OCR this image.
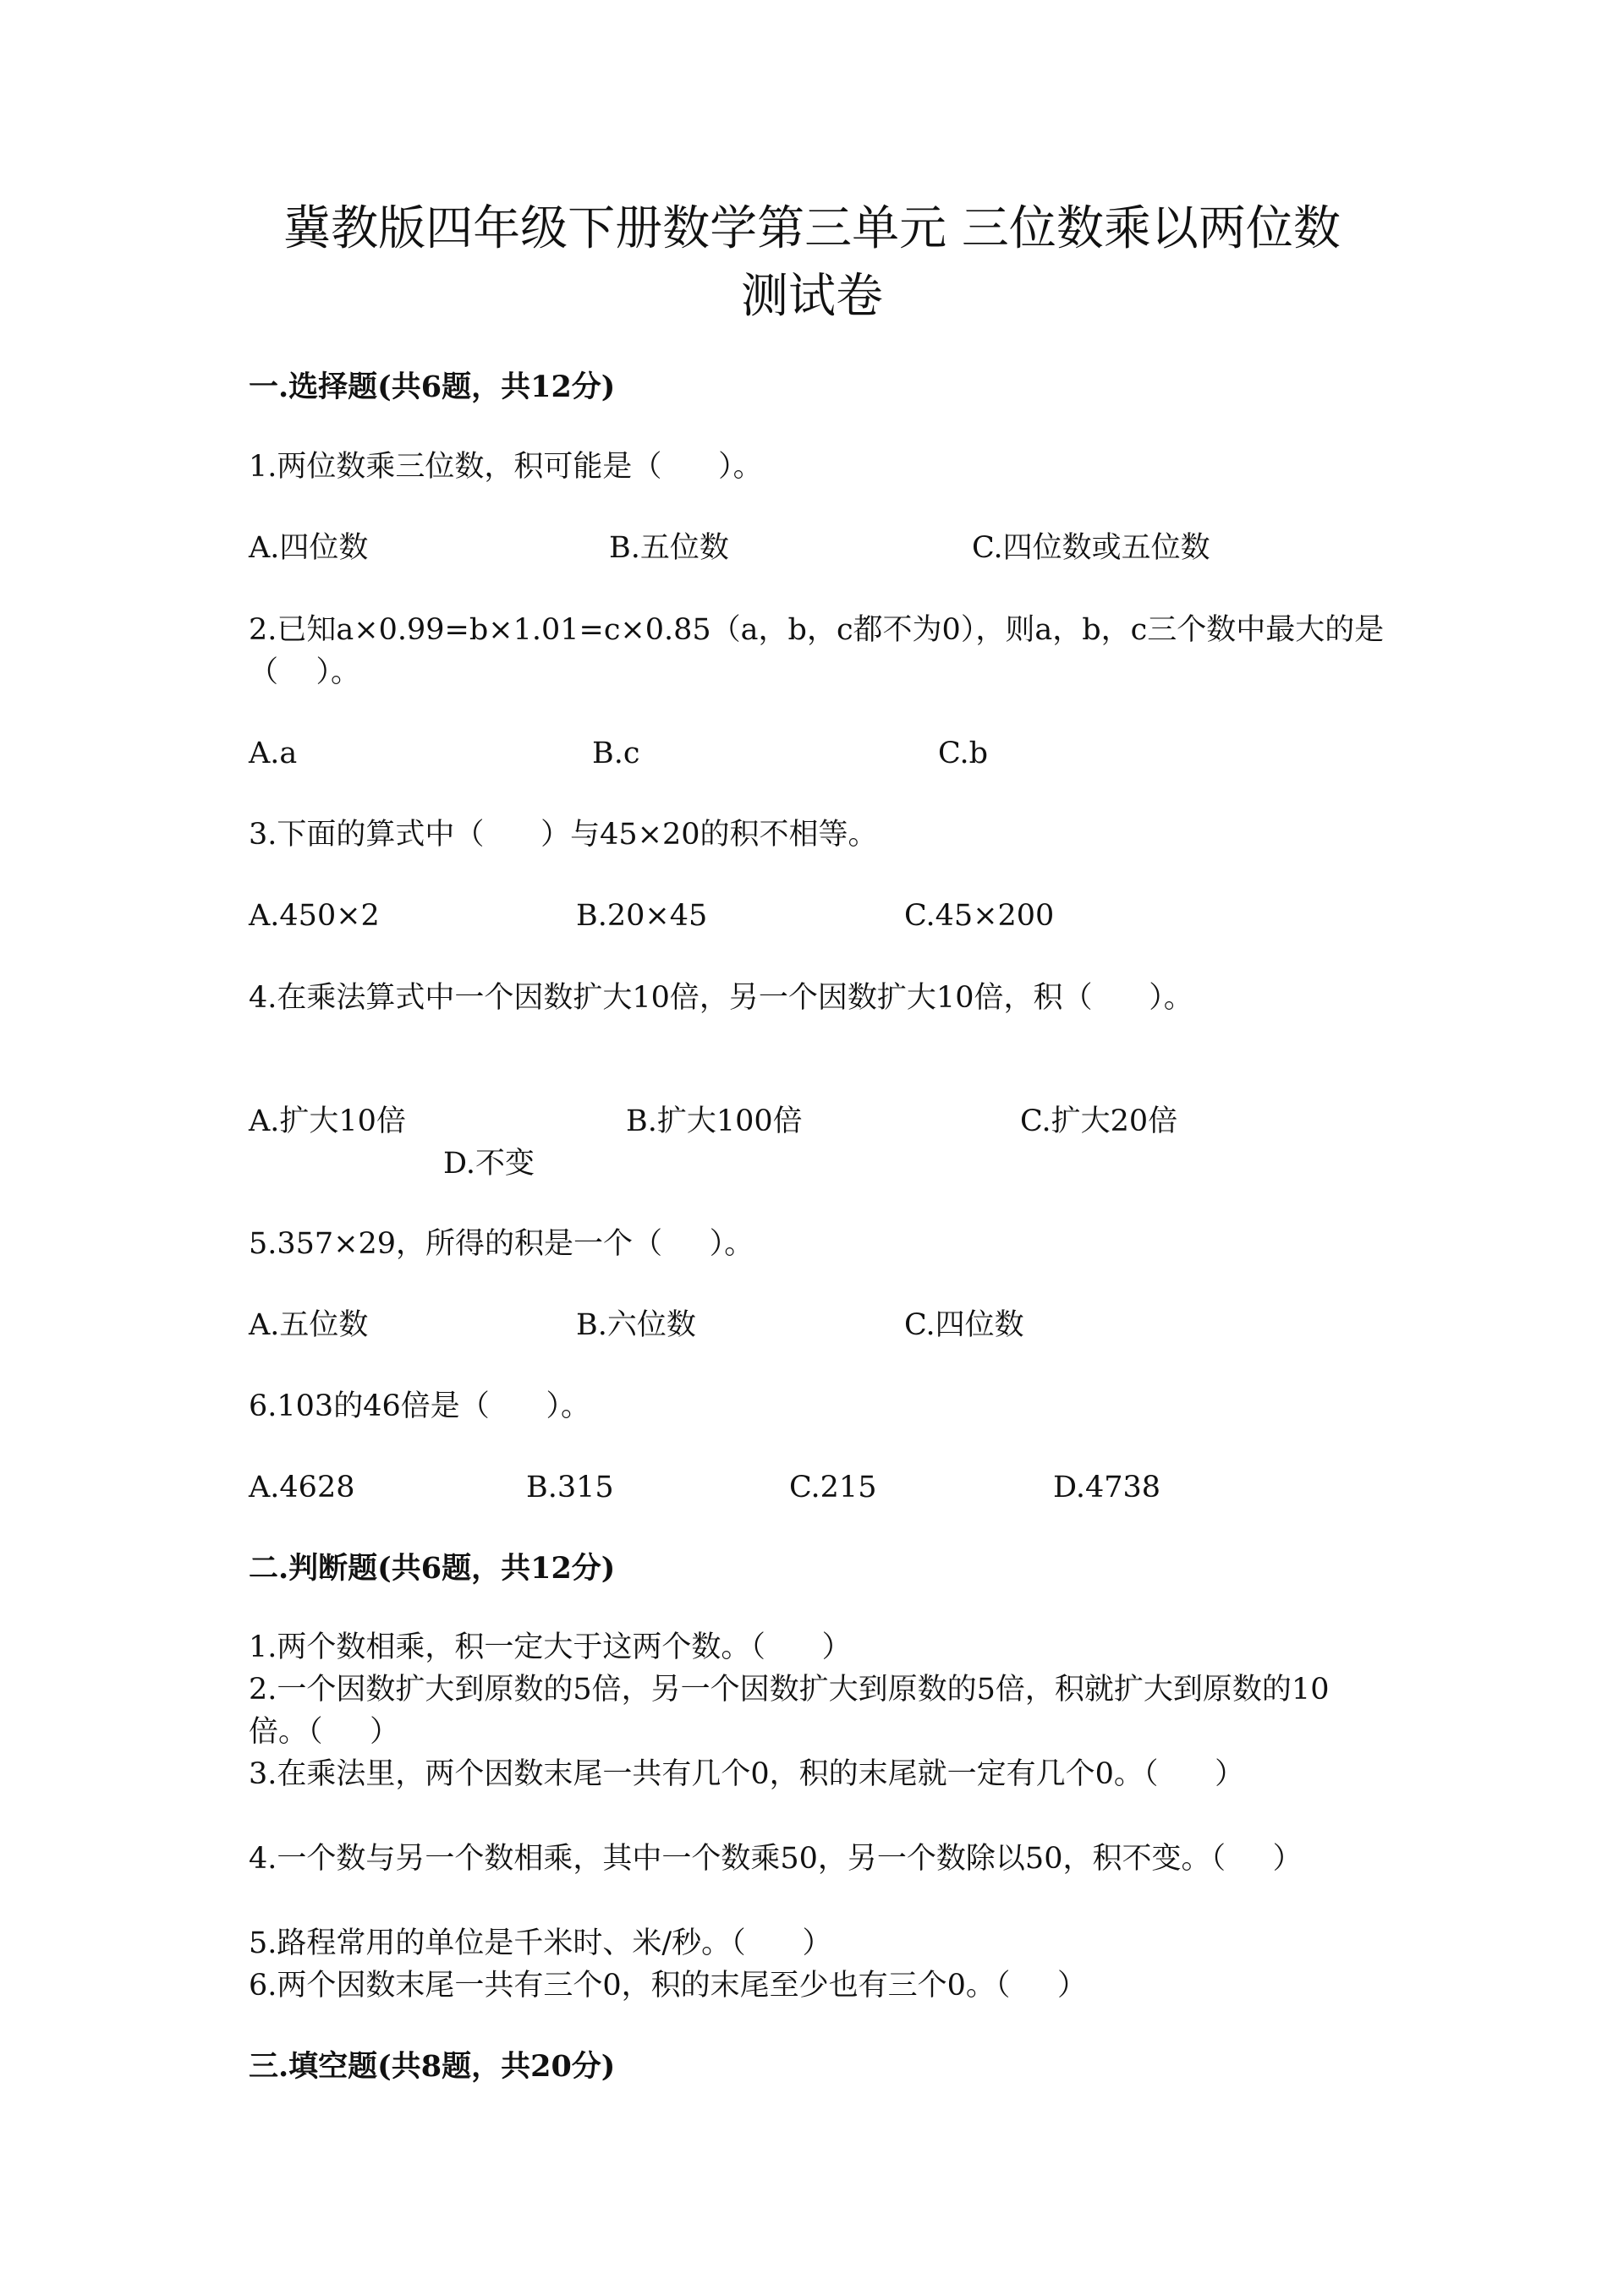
冀教版四年级下册数学第三单元 三位数乘以两位数
测试卷
一.选择题(共6题，共12分)

1.两位数乘三位数，积可能是（      ）。

A.四位数	B.五位数	C.四位数或五位数

2.已知a×0.99=b×1.01=c×0.85（a，b，c都不为0），则a，b，c三个数中最大的是（    ）。

A.a	B.c	C.b

3.下面的算式中（      ）与45×20的积不相等。

A.450×2	B.20×45	C.45×200

4.在乘法算式中一个因数扩大10倍，另一个因数扩大10倍，积（      ）。

A.扩大10倍	B.扩大100倍	C.扩大20倍

D.不变

5.357×29，所得的积是一个（     ）。

A.五位数	B.六位数	C.四位数

6.103的46倍是（      ）。

A.4628	B.315	C.215	D.4738

二.判断题(共6题，共12分)

1.两个数相乘，积一定大于这两个数。（      ）

2.一个因数扩大到原数的5倍，另一个因数扩大到原数的5倍，积就扩大到原数的10倍。（     ）

3.在乘法里，两个因数末尾一共有几个0，积的末尾就一定有几个0。（      ）

4.一个数与另一个数相乘，其中一个数乘50，另一个数除以50，积不变。（     ）

5.路程常用的单位是千米时、米/秒。（      ）

6.两个因数末尾一共有三个0，积的末尾至少也有三个0。（     ）

三.填空题(共8题，共20分)
